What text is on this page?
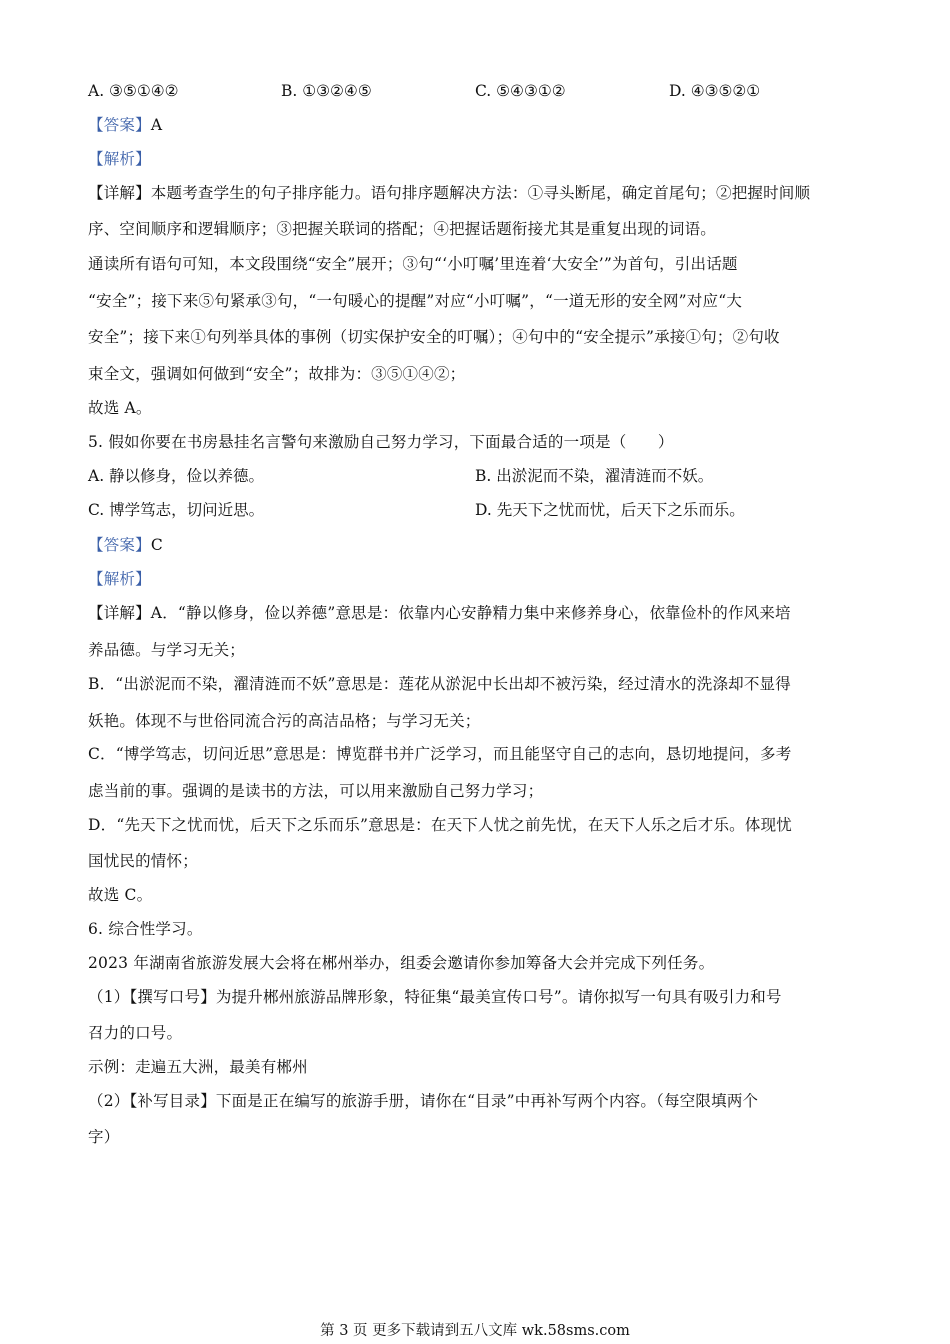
A. ③⑤①④②	B. ①③②④⑤	C. ⑤④③①②	D. ④③⑤②①
【答案】A
【解析】
【详解】本题考查学生的句子排序能力。语句排序题解决方法：①寻头断尾，确定首尾句；②把握时间顺
序、空间顺序和逻辑顺序；③把握关联词的搭配；④把握话题衔接尤其是重复出现的词语。
通读所有语句可知，本文段围绕“安全”展开；③句“‘小叮嘱’里连着‘大安全’”为首句，引出话题
“安全”；接下来⑤句紧承③句，“一句暖心的提醒”对应“小叮嘱”，“一道无形的安全网”对应“大
安全”；接下来①句列举具体的事例（切实保护安全的叮嘱）；④句中的“安全提示”承接①句；②句收
束全文，强调如何做到“安全”；故排为：③⑤①④②；
故选 A。
5. 假如你要在书房悬挂名言警句来激励自己努力学习，下面最合适的一项是（　　）
A. 静以修身，俭以养德。	B. 出淤泥而不染，濯清涟而不妖。
C. 博学笃志，切问近思。	D. 先天下之忧而忧，后天下之乐而乐。
【答案】C
【解析】
【详解】A．“静以修身，俭以养德”意思是：依靠内心安静精力集中来修养身心，依靠俭朴的作风来培
养品德。与学习无关；
B．“出淤泥而不染，濯清涟而不妖”意思是：莲花从淤泥中长出却不被污染，经过清水的洗涤却不显得
妖艳。体现不与世俗同流合污的高洁品格；与学习无关；
C．“博学笃志，切问近思”意思是：博览群书并广泛学习，而且能坚守自己的志向，恳切地提问，多考
虑当前的事。强调的是读书的方法，可以用来激励自己努力学习；
D．“先天下之忧而忧，后天下之乐而乐”意思是：在天下人忧之前先忧，在天下人乐之后才乐。体现忧
国忧民的情怀；
故选 C。
6. 综合性学习。
2023 年湖南省旅游发展大会将在郴州举办，组委会邀请你参加筹备大会并完成下列任务。
（1）【撰写口号】为提升郴州旅游品牌形象，特征集“最美宣传口号”。请你拟写一句具有吸引力和号
召力的口号。
示例：走遍五大洲，最美有郴州
（2）【补写目录】下面是正在编写的旅游手册，请你在“目录”中再补写两个内容。（每空限填两个
字）
第 3 页 更多下载请到五八文库 wk.58sms.com
